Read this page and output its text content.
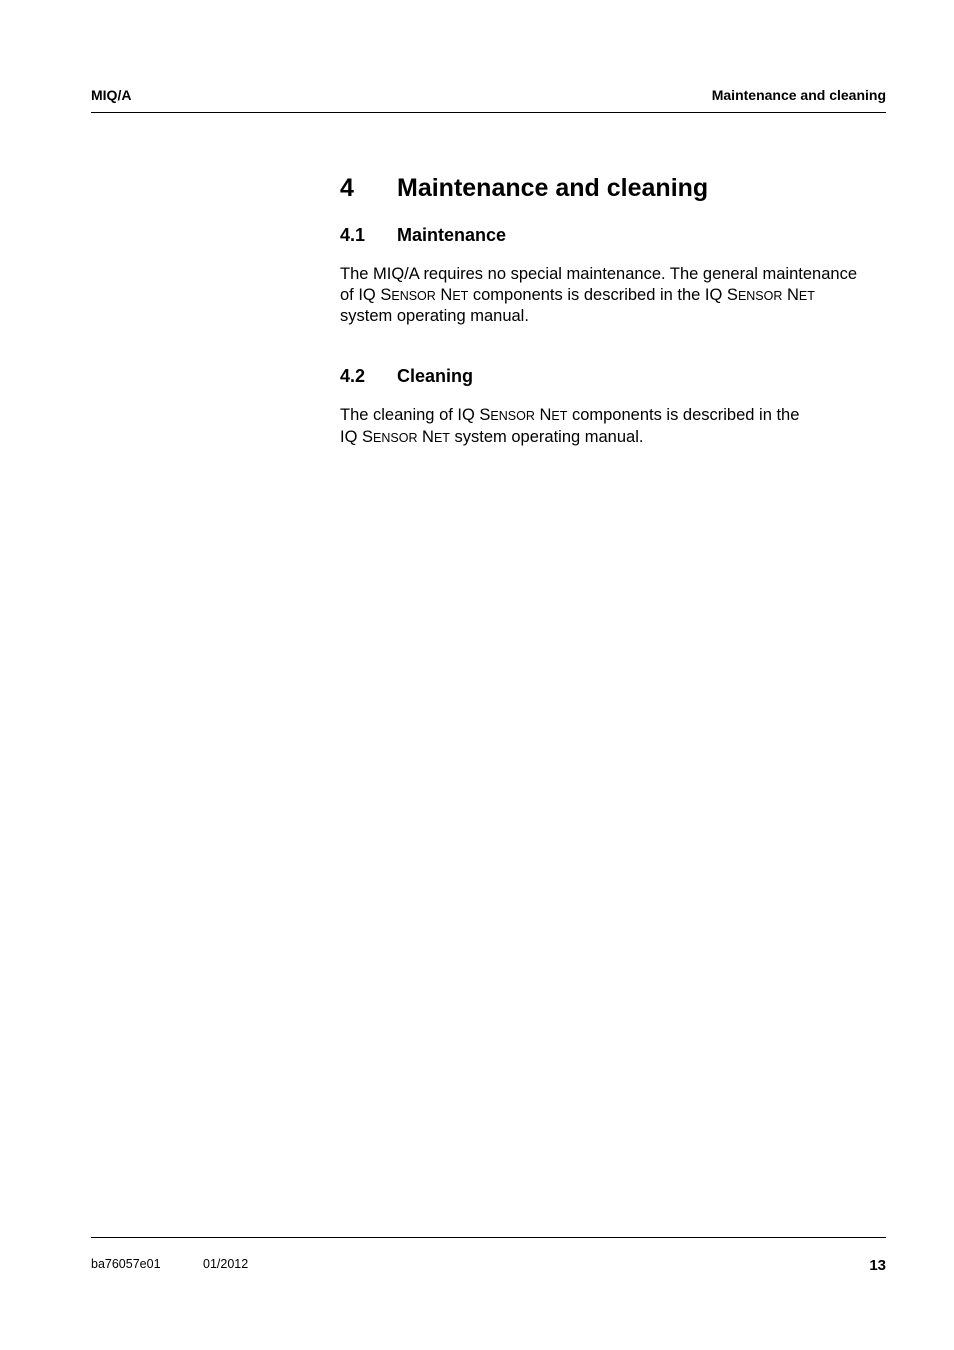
MIQ/A	Maintenance and cleaning
4 Maintenance and cleaning
4.1 Maintenance
The MIQ/A requires no special maintenance. The general maintenance
of IQ SENSOR NET components is described in the IQ SENSOR NET
system operating manual.
4.2 Cleaning
The cleaning of IQ SENSOR NET components is described in the
IQ SENSOR NET system operating manual.
ba76057e01	01/2012	13
